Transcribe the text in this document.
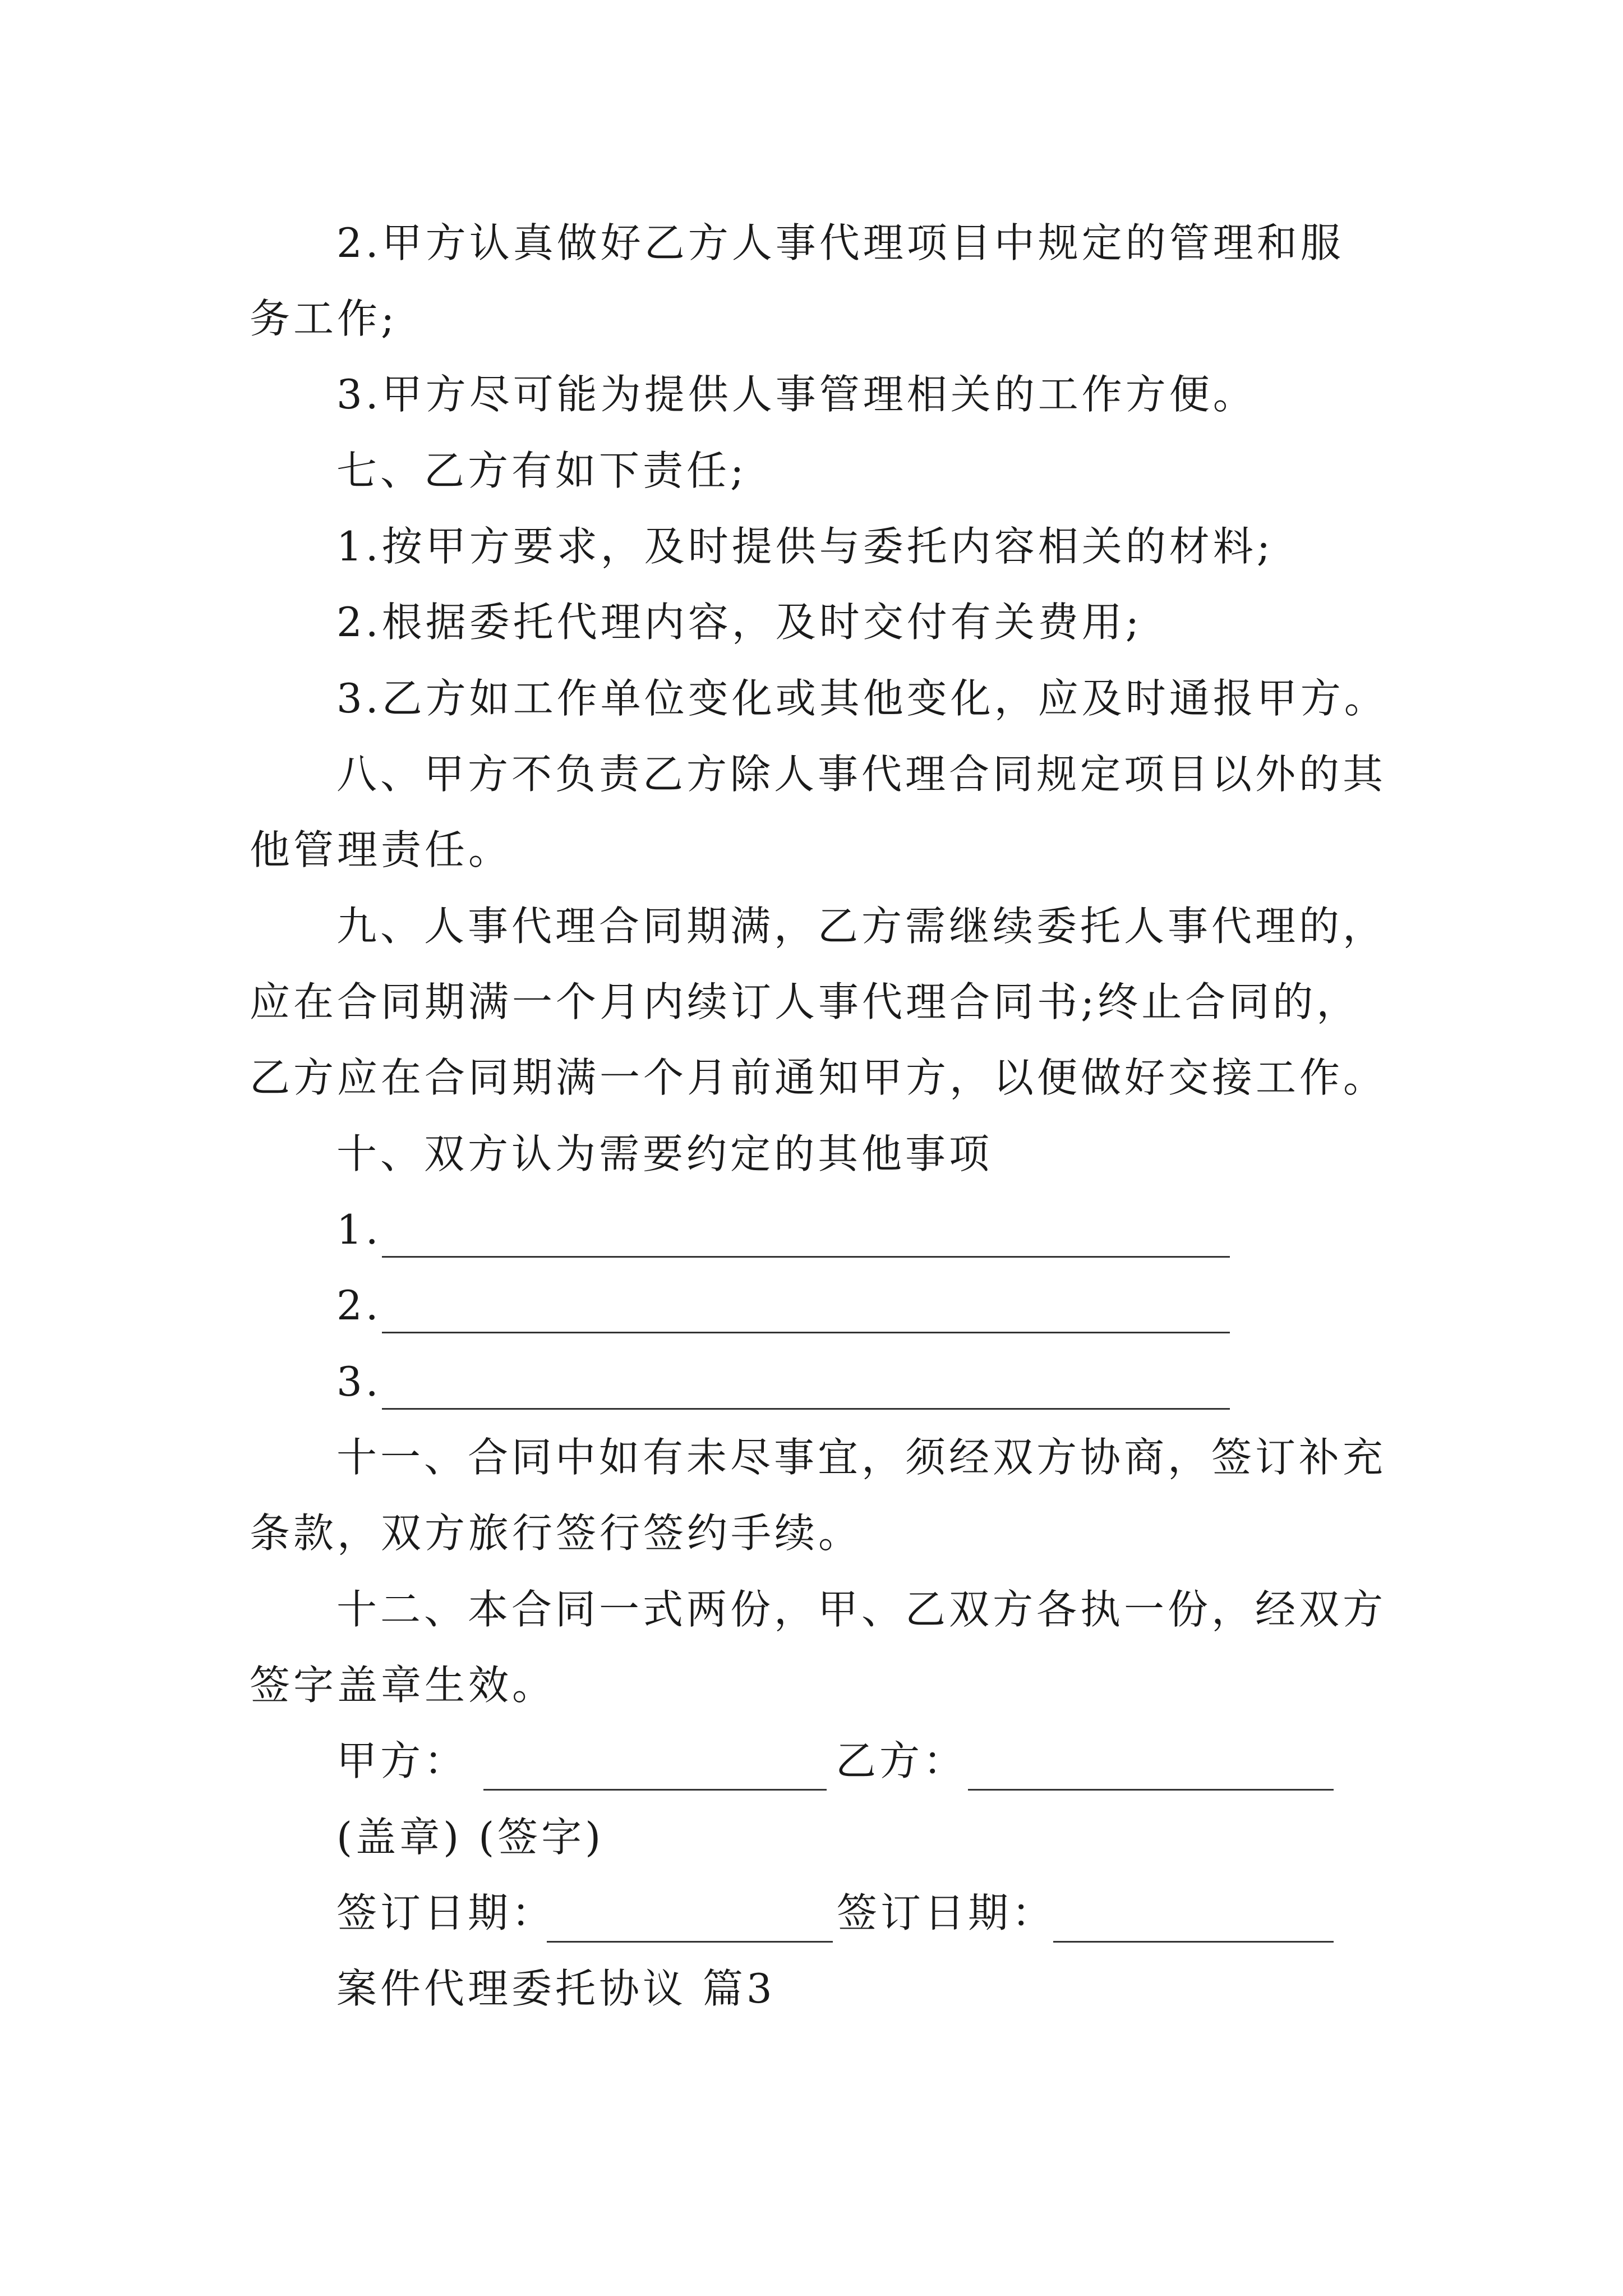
2.甲方认真做好乙方人事代理项目中规定的管理和服
务工作;
3.甲方尽可能为提供人事管理相关的工作方便。
七、乙方有如下责任;
1.按甲方要求，及时提供与委托内容相关的材料;
2.根据委托代理内容，及时交付有关费用;
3.乙方如工作单位变化或其他变化，应及时通报甲方。
八、甲方不负责乙方除人事代理合同规定项目以外的其
他管理责任。
九、人事代理合同期满，乙方需继续委托人事代理的，
应在合同期满一个月内续订人事代理合同书;终止合同的，
乙方应在合同期满一个月前通知甲方，以便做好交接工作。
十、双方认为需要约定的其他事项
1.
2.
3.
十一、合同中如有未尽事宜，须经双方协商，签订补充
条款，双方旅行签行签约手续。
十二、本合同一式两份，甲、乙双方各执一份，经双方
签字盖章生效。
甲方：	乙方：
(盖章) (签字)
签订日期：	签订日期：
案件代理委托协议 篇3
